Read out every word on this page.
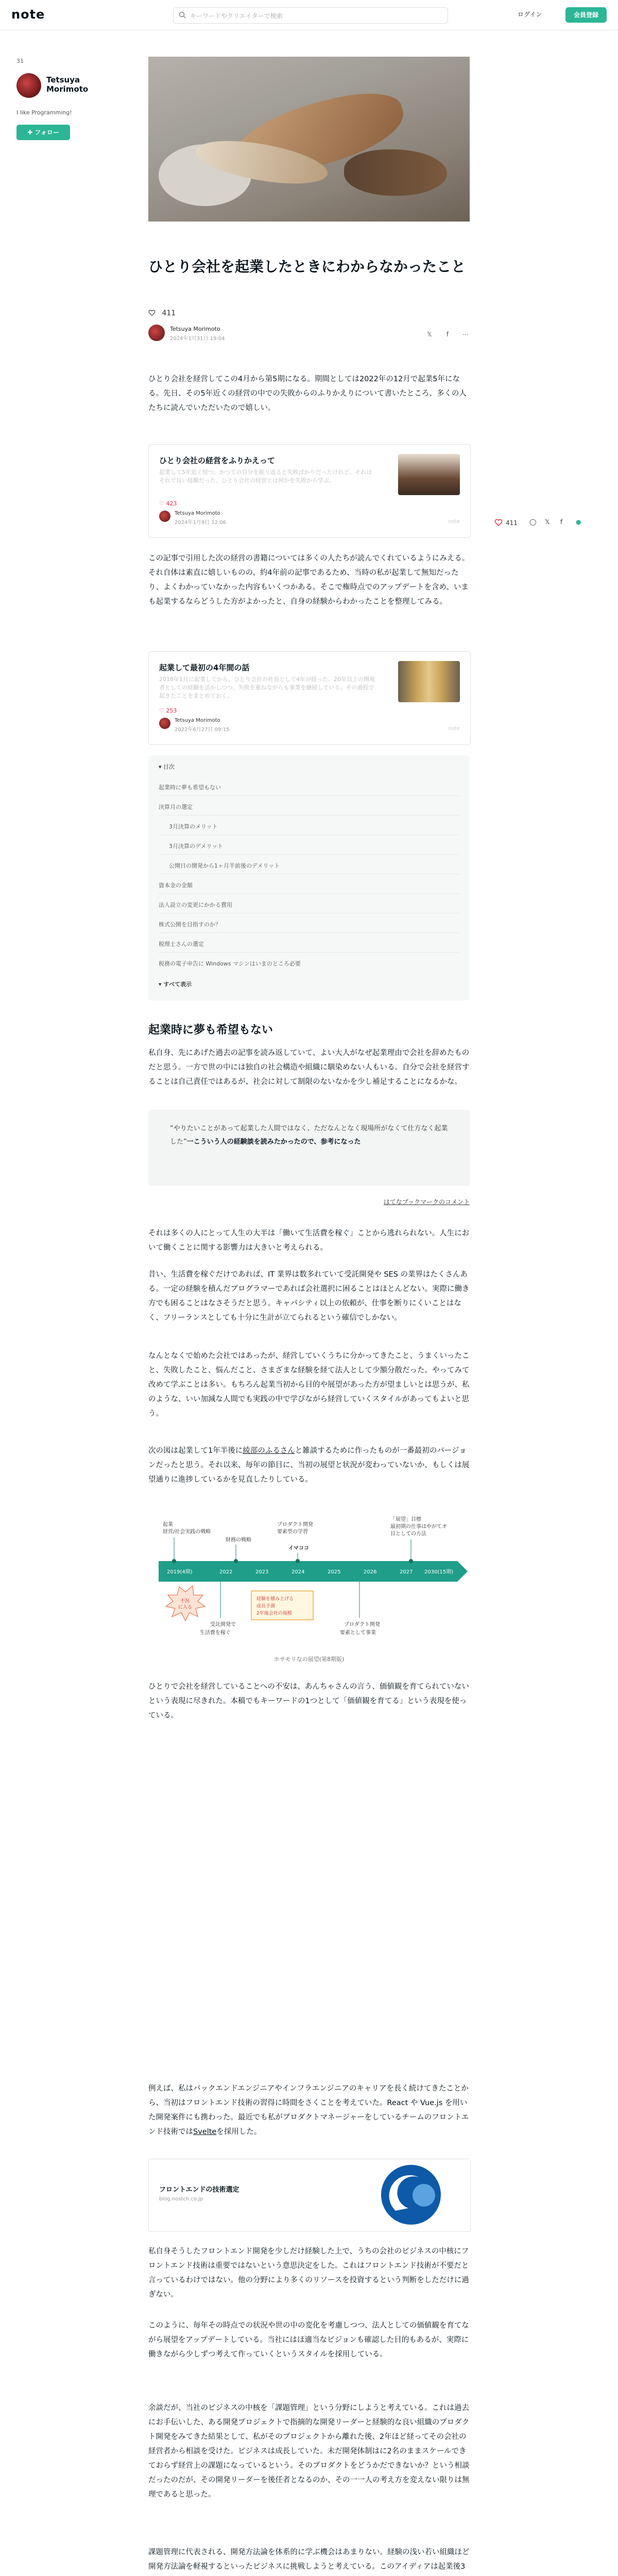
note	キーワードやクリエイターで検索	ログイン	会員登録
31
Tetsuya Morimoto
I like Programming!
✚ フォロー
ひとり会社を起業したときにわからなかったこと
411
Tetsuya Morimoto
2024年1月31日 19:04
𝕏 f ⋯

ひとり会社を経営してこの4月から第5期になる。期間としては2022年の12月で起業5年になる。先日、その5年近くの経営の中での失敗からのふりかえりについて書いたところ、多くの人たちに読んでいただいたので嬉しい。

ひとり会社の経営をふりかえって
起業して5年近く経つ。かつての自分を振り返ると失敗ばかりだったけれど、それはそれで良い経験だった。ひとり会社の経営とは何かを失敗から学ぶ。
♡ 423
Tetsuya Morimoto
2024年1月9日 12:06	note

この記事で引用した次の経営の書籍については多くの人たちが読んでくれているようにみえる。それ自体は素直に嬉しいものの、約4年前の記事であるため、当時の私が起業して無知だったり、よくわかっていなかった内容もいくつかある。そこで権時点でのアップデートを含め、いまも起業するならどうした方がよかったと、自身の経験からわかったことを整理してみる。

起業して最初の4年間の話
2018年1月に起業してから、ひとり会社の社長として4年が経った。20年以上の開発者としての経験を活かしつつ、失敗を重ねながらも事業を継続している。その過程で起きたことをまとめておく。
♡ 253
Tetsuya Morimoto
2022年6月27日 09:15	note
▾ 目次
起業時に夢も希望もない
決算月の選定
3月決算のメリット
3月決算のデメリット
公開日の開発から1ヶ月半前後のデメリット
資本金の金額
法人設立の変更にかかる費用
株式公開を目指すのか？
税理士さんの選定
税務の電子申告に Windows マシンはいまのところ必要
▾ すべて表示
起業時に夢も希望もない

私自身、先にあげた過去の記事を読み返していて、よい大人がなぜ起業理由で会社を辞めたものだと思う。一方で世の中には独自の社会構造や組織に馴染めない人もいる。自分で会社を経営することは自己責任ではあるが、社会に対して制限のないなかを少し補足することになるかな。

“やりたいことがあって起業した人間ではなく、ただなんとなく現場所がなくて仕方なく起業した”一こういう人の経験談を読みたかったので、参考になった
はてなブックマークのコメント

それは多くの人にとって人生の大半は「働いて生活費を稼ぐ」ことから逃れられない。人生において働くことに関する影響力は大きいと考えられる。

昔い、生活費を稼ぐだけであれば、IT 業界は数多れていて受託開発や SES の業界はたくさんある。一定の経験を積んだプログラマーであれば会社選択に困ることはほとんどない。実際に働き方でも困ることはなさそうだと思う。キャパシティ以上の依頼が、仕事を断りにくいことはなく、フリーランスとしても十分に生計が立てられるという確信でしかない。

なんとなくで始めた会社ではあったが、経営していくうちに分かってきたこと、うまくいったこと、失敗したこと、悩んだこと、さまざまな経験を経て法人として少額分散だった。やってみて改めて学ぶことは多い。もちろん起業当初から目的や展望があった方が望ましいとは思うが、私のような、いい加減な人間でも実践の中で学びながら経営していくスタイルがあってもよいと思う。

次の図は起業して1年半後に綾部のふるさんと雑談するために作ったものが一番最初のバージョンだったと思う。それ以来、毎年の節目に、当初の展望と状況が変わっていないか、もしくは展望通りに進捗しているかを見直したりしている。

起業
経営/社会実践の戦略
財務の戦略
プロダクト開発
要素型の学習
イマココ
「展望」目標
最初期の仕事はやがてオ
目としての方法
2019(4期)	2022	2023	2024	2025	2026	2027 2030(15期)
不況
に入る
経験を積み上げる
成長予測
2年後会社の規模
受託開発で
生活費を稼ぐ
プロダクト開発
要素として事業
ホサモリなの展望(第8期版)

ひとりで会社を経営していることへの不安は、あんちゃさんの言う、価値観を育てられていないという表現に尽きれた。本稿でもキーワードの1つとして「価値観を育てる」という表現を使っている。

例えば、私はバックエンドエンジニアやインフラエンジニアのキャリアを長く続けてきたことから、当初はフロントエンド技術の習得に時間をさくことを考えていた。React や Vue.js を用いた開発案件にも携わった。最近でも私がプロダクトマネージャーをしているチームのフロントエンド技術ではSvelteを採用した。

フロントエンドの技術選定
blog.nostch.co.jp

私自身そうしたフロントエンド開発を少しだけ経験した上で、うちの会社のビジネスの中核にフロントエンド技術は重要ではないという意思決定をした。これはフロントエンド技術が不要だと言っているわけではない。他の分野により多くのリソースを投資するという判断をしただけに過ぎない。

このように、毎年その時点での状況や世の中の変化を考慮しつつ、法人としての価値観を育てながら展望をアップデートしている。当社にはほ適当なビジョンも確認した目的もあるが、実際に働きながら少しずつ考えて作っていくというスタイルを採用している。

余談だが、当社のビジネスの中核を「課題管理」という分野にしようと考えている。これは過去にお手伝いした、ある開発プロジェクトで指摘的な開発リーダーと経験的な良い組織のプロダクト開発をみてきた結果として、私がそのプロジェクトから離れた後、2年ほど経ってその会社の経営者から相談を受けた。ビジネスは成長していた。未だ開発体制はに2名のままスケールできておらず経営上の課題になっているという。そのプロダクトをどうかだできないか？という相談だったのだが、その開発リーダーを後任者となるのか、その一一人の考え方を変えない限りは無理であると思った。

課題管理に代表される、開発方法論を体系的に学ぶ機会はあまりない。経験の浅い若い組織ほど開発方法論を軽視するといったビジネスに挑戦しようと考えている。このアイディアは起業後3

411 ◯ 𝕏 f ●
